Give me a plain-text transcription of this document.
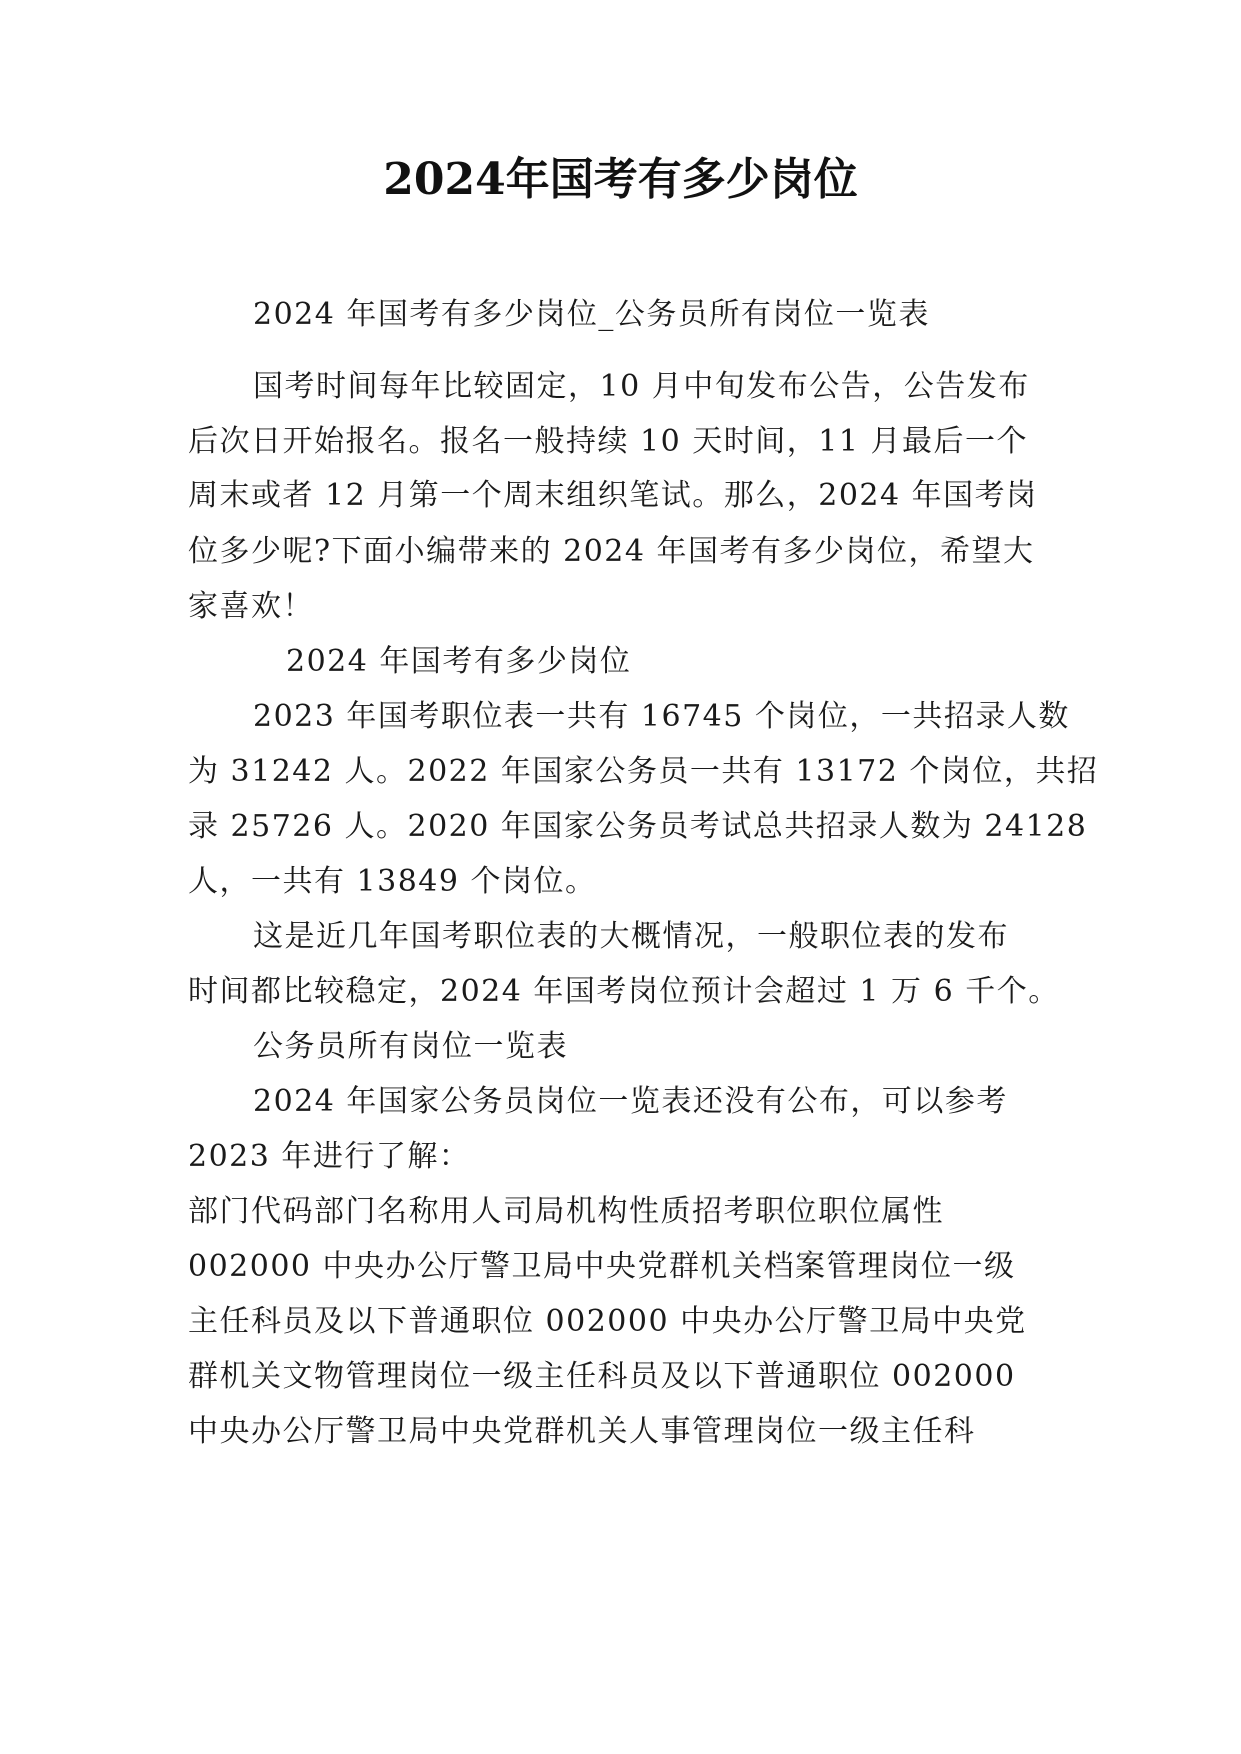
2024年国考有多少岗位
2024 年国考有多少岗位_公务员所有岗位一览表
国考时间每年比较固定，10 月中旬发布公告，公告发布
后次日开始报名。报名一般持续 10 天时间，11 月最后一个
周末或者 12 月第一个周末组织笔试。那么，2024 年国考岗
位多少呢?下面小编带来的 2024 年国考有多少岗位，希望大
家喜欢！
2024 年国考有多少岗位
2023 年国考职位表一共有 16745 个岗位，一共招录人数
为 31242 人。2022 年国家公务员一共有 13172 个岗位，共招
录 25726 人。2020 年国家公务员考试总共招录人数为 24128
人，一共有 13849 个岗位。
这是近几年国考职位表的大概情况，一般职位表的发布
时间都比较稳定，2024 年国考岗位预计会超过 1 万 6 千个。
公务员所有岗位一览表
2024 年国家公务员岗位一览表还没有公布，可以参考
2023 年进行了解：
部门代码部门名称用人司局机构性质招考职位职位属性
002000 中央办公厅警卫局中央党群机关档案管理岗位一级
主任科员及以下普通职位 002000 中央办公厅警卫局中央党
群机关文物管理岗位一级主任科员及以下普通职位 002000
中央办公厅警卫局中央党群机关人事管理岗位一级主任科
